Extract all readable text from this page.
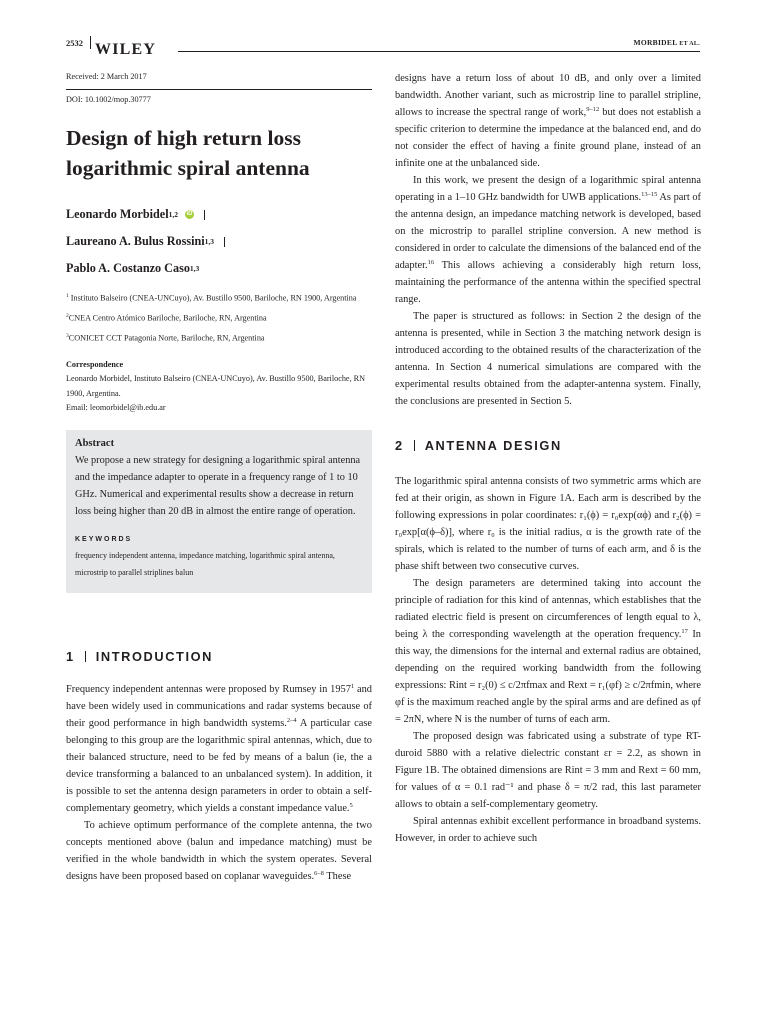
2532 WILEY	MORBIDEL ET AL.
Received: 2 March 2017
DOI: 10.1002/mop.30777
Design of high return loss logarithmic spiral antenna
Leonardo Morbidel 1,2 iD
Laureano A. Bulus Rossini 1,3
Pablo A. Costanzo Caso 1,3

$^1$ Instituto Balseiro (CNEA-UNCuyo), Av. Bustillo 9500, Bariloche, RN 1900, Argentina

$^2$CNEA Centro Atómico Bariloche, Bariloche, RN, Argentina

$^3$CONICET CCT Patagonia Norte, Bariloche, RN, Argentina

Correspondence
Leonardo Morbidel, Instituto Balseiro (CNEA-UNCuyo), Av. Bustillo 9500, Bariloche, RN 1900, Argentina.
Email: leomorbidel@ib.edu.ar

Abstract

We propose a new strategy for designing a logarithmic spiral antenna and the impedance adapter to operate in a frequency range of 1 to 10 GHz. Numerical and experimental results show a decrease in return loss being higher than 20 dB in almost the entire range of operation.

KEYWORDS

frequency independent antenna, impedance matching, logarithmic spiral antenna, microstrip to parallel striplines balun

1 INTRODUCTION

Frequency independent antennas were proposed by Rumsey in 1957$^1$ and have been widely used in communications and radar systems because of their good performance in high bandwidth systems.$^{2-4}$ A particular case belonging to this group are the logarithmic spiral antennas, which, due to their balanced structure, need to be fed by means of a balun (ie, the a device transforming a balanced to an unbalanced system). In addition, it is possible to set the antenna design parameters in order to obtain a self-complementary geometry, which yields a constant impedance value.$^5$

To achieve optimum performance of the complete antenna, the two concepts mentioned above (balun and impedance matching) must be verified in the whole bandwidth in which the system operates. Several designs have been proposed based on coplanar waveguides.$^{6-8}$ These

designs have a return loss of about 10 dB, and only over a limited bandwidth. Another variant, such as microstrip line to parallel stripline, allows to increase the spectral range of work,$^{9-12}$ but does not establish a specific criterion to determine the impedance at the balanced end, and do not consider the effect of having a finite ground plane, instead of an infinite one at the unbalanced side.

In this work, we present the design of a logarithmic spiral antenna operating in a 1–10 GHz bandwidth for UWB applications.$^{13-15}$ As part of the antenna design, an impedance matching network is developed, based on the microstrip to parallel stripline conversion. A new method is considered in order to calculate the dimensions of the balanced end of the adapter.$^{16}$ This allows achieving a considerably high return loss, maintaining the performance of the antenna within the specified spectral range.

The paper is structured as follows: in Section 2 the design of the antenna is presented, while in Section 3 the matching network design is introduced according to the obtained results of the characterization of the antenna. In Section 4 numerical simulations are compared with the experimental results obtained from the adapter-antenna system. Finally, the conclusions are presented in Section 5.

2 ANTENNA DESIGN

The logarithmic spiral antenna consists of two symmetric arms which are fed at their origin, as shown in Figure 1A. Each arm is described by the following expressions in polar coordinates: r₁(ϕ) = r₀exp(αϕ) and r₂(ϕ) = r₀exp[α(ϕ–δ)], where r₀ is the initial radius, α is the growth rate of the spirals, which is related to the number of turns of each arm, and δ is the phase shift between two consecutive curves.

The design parameters are determined taking into account the principle of radiation for this kind of antennas, which establishes that the radiated electric field is present on circumferences of length equal to λ, being λ the corresponding wavelength at the operation frequency.$^{17}$ In this way, the dimensions for the internal and external radius are obtained, depending on the required working bandwidth from the following expressions: Rint = r₂(0) ≤ c/2πfmax and Rext = r₁(φf) ≥ c/2πfmin, where φf is the maximum reached angle by the spiral arms and are defined as φf = 2πN, where N is the number of turns of each arm.

The proposed design was fabricated using a substrate of type RT-duroid 5880 with a relative dielectric constant εr = 2.2, as shown in Figure 1B. The obtained dimensions are Rint = 3 mm and Rext = 60 mm, for values of α = 0.1 rad⁻¹ and phase δ = π/2 rad, this last parameter allows to obtain a self-complementary geometry.

Spiral antennas exhibit excellent performance in broadband systems. However, in order to achieve such
